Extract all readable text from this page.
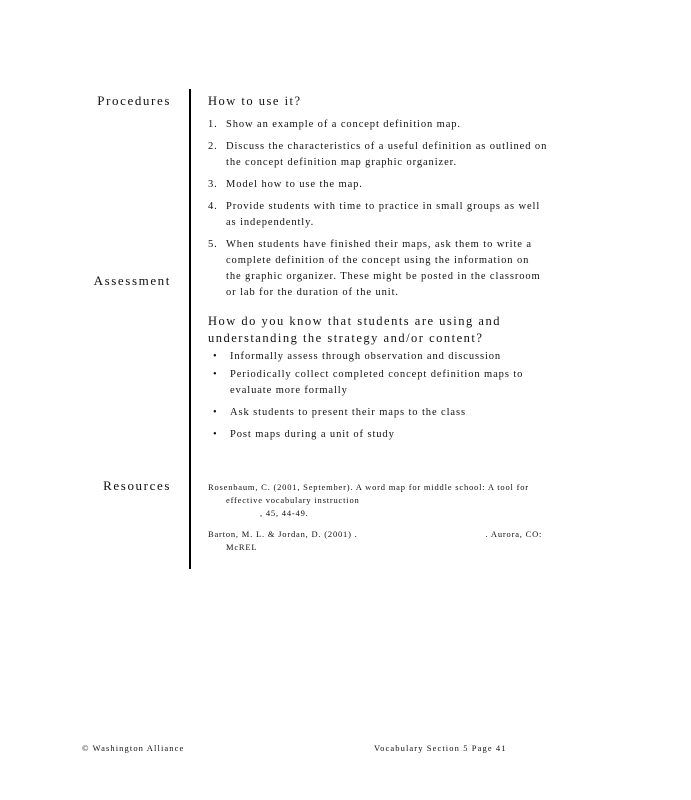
Procedures
Assessment
Resources

How to use it?

1. Show an example of a concept definition map.
2. Discuss the characteristics of a useful definition as outlined on the concept definition map graphic organizer.
3. Model how to use the map.
4. Provide students with time to practice in small groups as well as independently.
5. When students have finished their maps, ask them to write a complete definition of the concept using the information on the graphic organizer. These might be posted in the classroom or lab for the duration of the unit.

How do you know that students are using and understanding the strategy and/or content?

• Informally assess through observation and discussion
• Periodically collect completed concept definition maps to evaluate more formally
• Ask students to present their maps to the class
• Post maps during a unit of study
Rosenbaum, C. (2001, September). A word map for middle school: A tool for effective vocabulary instruction
, 45, 44-49.
Barton, M. L. & Jordan, D. (2001) .	. Aurora, CO: McREL
© Washington Alliance	Vocabulary Section 5 Page 41
